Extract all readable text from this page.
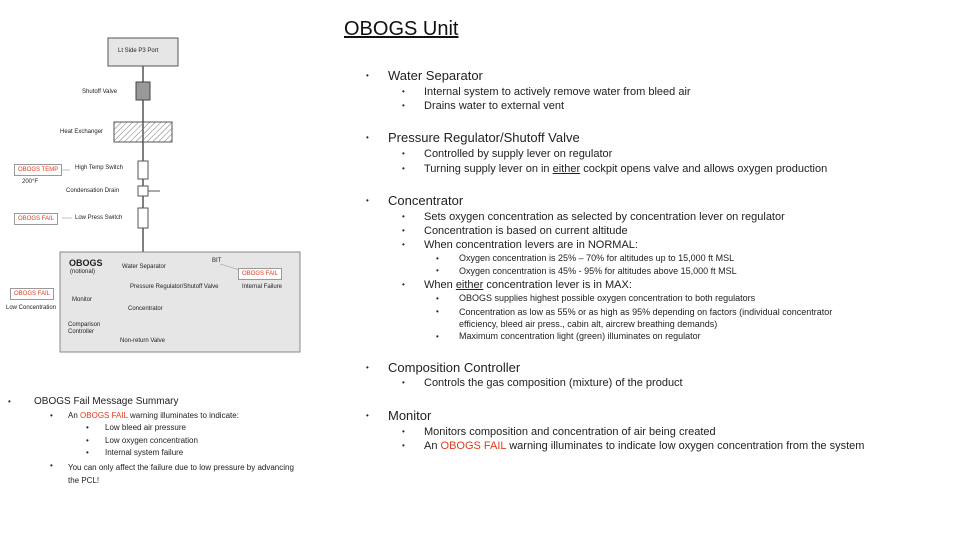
OBOGS Unit
Lt Side P3 Port
Shutoff Valve
Heat Exchanger
OBOGS TEMP	High Temp Switch
200°F
Condensation Drain
OBOGS FAIL	Low Press Switch
OBOGS
(notional)
Water Separator
BIT
OBOGS FAIL
Pressure Regulator/Shutoff Valve	Internal Failure
OBOGS FAIL
Monitor
Low Concentration	Concentrator
Comparison Controller
Non-return Valve
• OBOGS Fail Message Summary
• An OBOGS FAIL warning illuminates to indicate:
• Low bleed air pressure
• Low oxygen concentration
• Internal system failure
• You can only affect the failure due to low pressure by advancing the PCL!
• Water Separator
• Internal system to actively remove water from bleed air
• Drains water to external vent
• Pressure Regulator/Shutoff Valve
• Controlled by supply lever on regulator
• Turning supply lever on in either cockpit opens valve and allows oxygen production
• Concentrator
• Sets oxygen concentration as selected by concentration lever on regulator
• Concentration is based on current altitude
• When concentration levers are in NORMAL:
• Oxygen concentration is 25% – 70% for altitudes up to 15,000 ft MSL
• Oxygen concentration is 45% - 95% for altitudes above 15,000 ft MSL
• When either concentration lever is in MAX:
• OBOGS supplies highest possible oxygen concentration to both regulators
• Concentration as low as 55% or as high as 95% depending on factors (individual concentrator efficiency, bleed air press., cabin alt, aircrew breathing demands)
• Maximum concentration light (green) illuminates on regulator
• Composition Controller
• Controls the gas composition (mixture) of the product
• Monitor
• Monitors composition and concentration of air being created
• An OBOGS FAIL warning illuminates to indicate low oxygen concentration from the system
